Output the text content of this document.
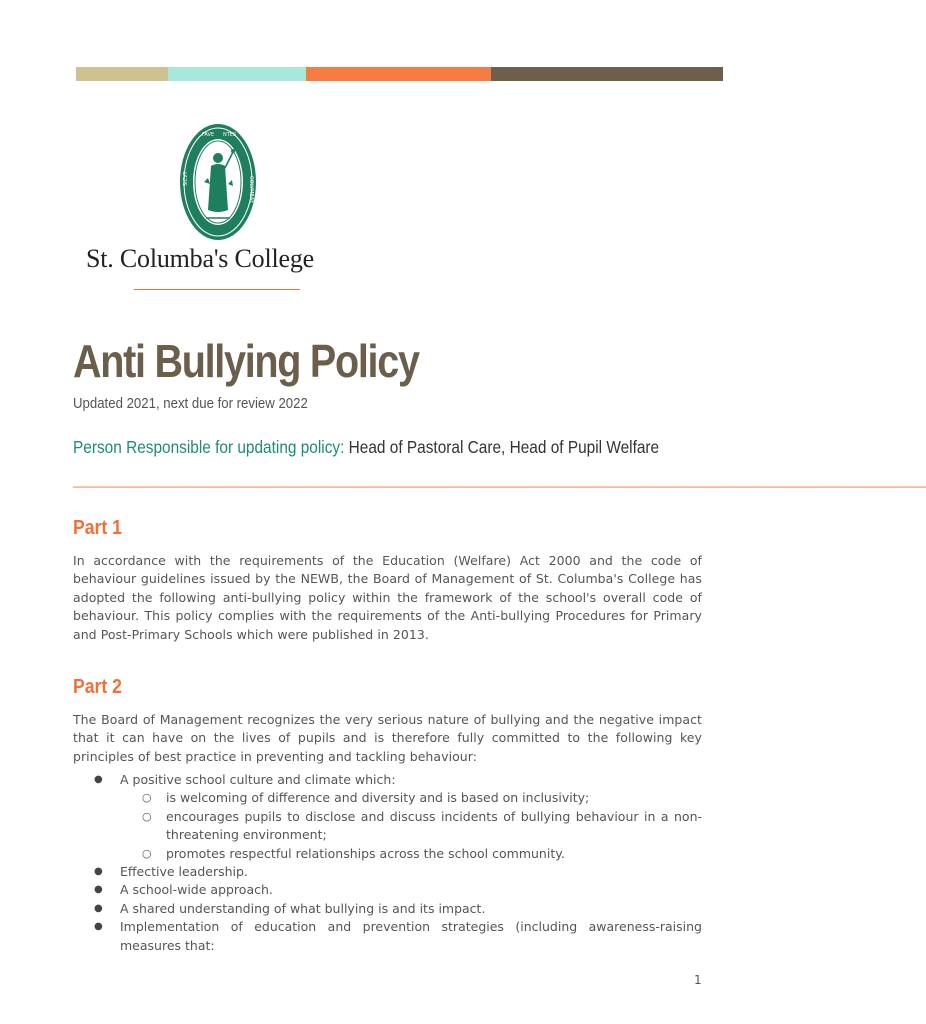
FAVE NTES
SICVT	COLVMBAE
St. Columba's College
Anti Bullying Policy
Updated 2021, next due for review 2022
Person Responsible for updating policy: Head of Pastoral Care, Head of Pupil Welfare
______________________________________________________________________________________________________________________
Part 1
In accordance with the requirements of the Education (Welfare) Act 2000 and the code of behaviour guidelines issued by the NEWB, the Board of Management of St. Columba's College has adopted the following anti-bullying policy within the framework of the school's overall code of behaviour. This policy complies with the requirements of the Anti-bullying Procedures for Primary and Post-Primary Schools which were published in 2013.
Part 2
The Board of Management recognizes the very serious nature of bullying and the negative impact that it can have on the lives of pupils and is therefore fully committed to the following key principles of best practice in preventing and tackling behaviour:
● A positive school culture and climate which:
○ is welcoming of difference and diversity and is based on inclusivity;
○ encourages pupils to disclose and discuss incidents of bullying behaviour in a non-threatening environment;
○ promotes respectful relationships across the school community.
● Effective leadership.
● A school-wide approach.
● A shared understanding of what bullying is and its impact.
● Implementation of education and prevention strategies (including awareness-raising measures that:
1
